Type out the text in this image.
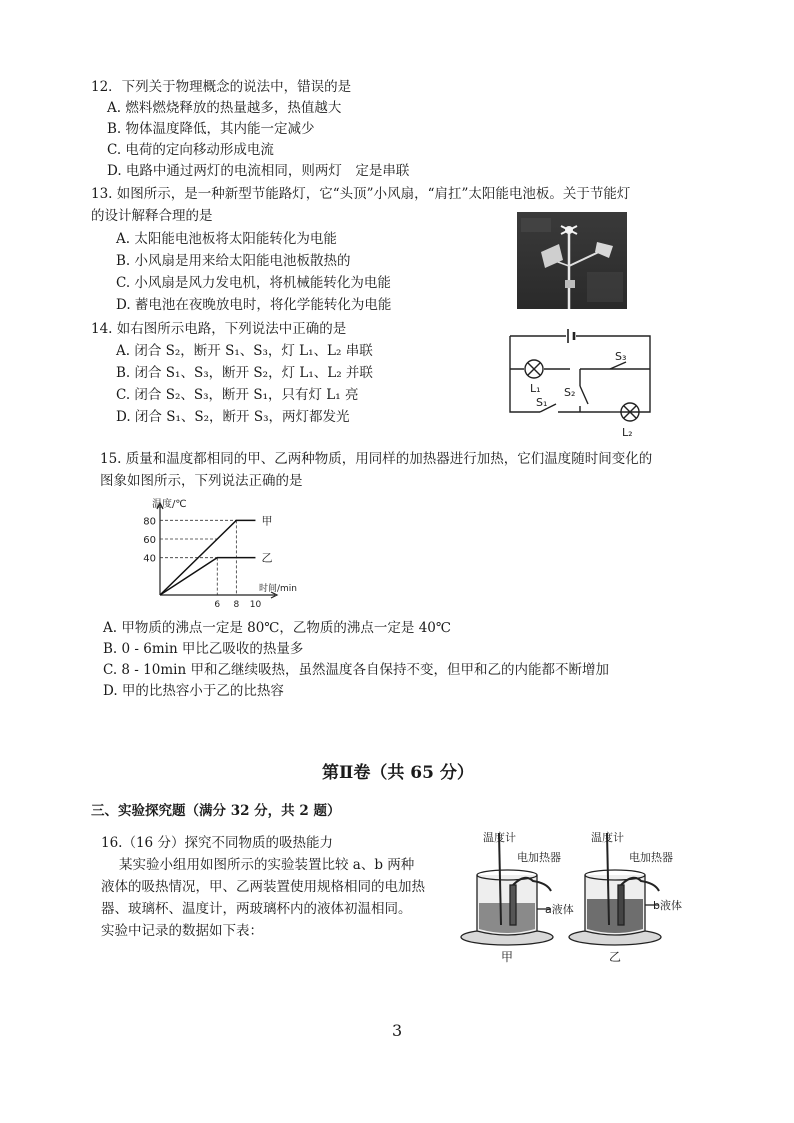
12．下列关于物理概念的说法中，错误的是
A. 燃料燃烧释放的热量越多，热值越大
B. 物体温度降低，其内能一定减少
C. 电荷的定向移动形成电流
D. 电路中通过两灯的电流相同，则两灯　定是串联
13. 如图所示，是一种新型节能路灯，它“头顶”小风扇，“肩扛”太阳能电池板。关于节能灯
的设计解释合理的是
A. 太阳能电池板将太阳能转化为电能
B. 小风扇是用来给太阳能电池板散热的
C. 小风扇是风力发电机，将机械能转化为电能
D. 蓄电池在夜晚放电时，将化学能转化为电能
14. 如右图所示电路，下列说法中正确的是
A. 闭合 S₂，断开 S₁、S₃，灯 L₁、L₂ 串联
B. 闭合 S₁、S₃，断开 S₂，灯 L₁、L₂ 并联
C. 闭合 S₂、S₃，断开 S₁，只有灯 L₁ 亮
D. 闭合 S₁、S₂，断开 S₃，两灯都发光
L₁ S₂
S₃
S₁
L₂
15. 质量和温度都相同的甲、乙两种物质，用同样的加热器进行加热，它们温度随时间变化的
图象如图所示，下列说法正确的是
温度/℃
时间/min
40
60
80
6 8 10
甲
乙
A. 甲物质的沸点一定是 80℃，乙物质的沸点一定是 40℃
B. 0 - 6min 甲比乙吸收的热量多
C. 8 - 10min 甲和乙继续吸热，虽然温度各自保持不变，但甲和乙的内能都不断增加
D. 甲的比热容小于乙的比热容
第Ⅱ卷（共 65 分）
三、实验探究题（满分 32 分，共 2 题）
16.（16 分）探究不同物质的吸热能力
某实验小组用如图所示的实验装置比较 a、b 两种
液体的吸热情况，甲、乙两装置使用规格相同的电加热
器、玻璃杯、温度计，两玻璃杯内的液体初温相同。
实验中记录的数据如下表：
温度计
电加热器
a液体
甲
温度计
电加热器
b液体
乙
3
